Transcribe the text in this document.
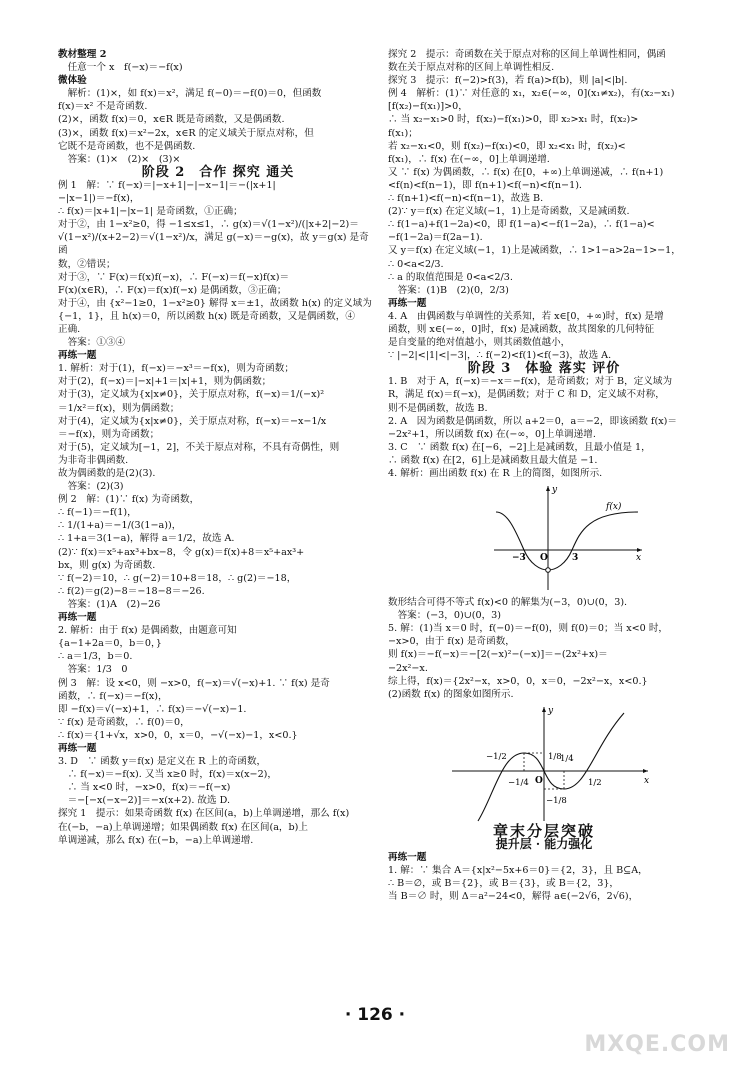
教材整理 2

　任意一个 x　f(−x)＝−f(x)

微体验

　解析：(1)×，如 f(x)＝x²，满足 f(−0)＝−f(0)＝0，但函数

f(x)＝x² 不是奇函数.

(2)×，函数 f(x)＝0，x∈R 既是奇函数，又是偶函数.

(3)×，函数 f(x)＝x²−2x，x∈R 的定义域关于原点对称，但

它既不是奇函数，也不是偶函数.

　答案：(1)×　(2)×　(3)×

阶段 2　合作 探究 通关

例 1　解：∵ f(−x)＝|−x+1|−|−x−1|＝−(|x+1|

−|x−1|)＝−f(x)，

∴ f(x)＝|x+1|−|x−1| 是奇函数，①正确；

对于②，由 1−x²≥0，得 −1≤x≤1，∴ g(x)＝√(1−x²)/(|x+2|−2)＝

√(1−x²)/(x+2−2)＝√(1−x²)/x，满足 g(−x)＝−g(x)，故 y＝g(x) 是奇函

数，②错误；

对于③，∵ F(x)＝f(x)f(−x)，∴ F(−x)＝f(−x)f(x)＝

F(x)(x∈R)，∴ F(x)＝f(x)f(−x) 是偶函数，③正确；

对于④，由 {x²−1≥0，1−x²≥0} 解得 x＝±1，故函数 h(x) 的定义域为

{−1，1}，且 h(x)＝0，所以函数 h(x) 既是奇函数，又是偶函数，④

正确.

　答案：①③④

再练一题

1. 解析：对于(1)，f(−x)＝−x³＝−f(x)，则为奇函数；

对于(2)，f(−x)＝|−x|+1＝|x|+1，则为偶函数；

对于(3)，定义域为{x|x≠0}，关于原点对称，f(−x)＝1/(−x)²

＝1/x²＝f(x)，则为偶函数；

对于(4)，定义域为{x|x≠0}，关于原点对称，f(−x)＝−x−1/x

＝−f(x)，则为奇函数；

对于(5)，定义域为[−1，2]，不关于原点对称，不具有奇偶性，则

为非奇非偶函数.

故为偶函数的是(2)(3).

　答案：(2)(3)

例 2　解：(1)∵ f(x) 为奇函数，

∴ f(−1)＝−f(1)，

∴ 1/(1+a)＝−1/(3(1−a))，

∴ 1+a＝3(1−a)，解得 a＝1/2，故选 A.

(2)∵ f(x)＝x⁵+ax³+bx−8，令 g(x)＝f(x)+8＝x⁵+ax³+

bx，则 g(x) 为奇函数.

∵ f(−2)＝10，∴ g(−2)＝10+8＝18，∴ g(2)＝−18，

∴ f(2)＝g(2)−8＝−18−8＝−26.

　答案：(1)A　(2)−26

再练一题

2. 解析：由于 f(x) 是偶函数，由题意可知

{a−1+2a＝0，b＝0，}

∴ a＝1/3，b＝0.

　答案：1/3　0

例 3　解：设 x<0，则 −x>0，f(−x)＝√(−x)+1. ∵ f(x) 是奇

函数，∴ f(−x)＝−f(x)，

即 −f(x)＝√(−x)+1，∴ f(x)＝−√(−x)−1.

∵ f(x) 是奇函数，∴ f(0)＝0，

∴ f(x)＝{1+√x，x>0，0，x＝0，−√(−x)−1，x<0.}

再练一题

3. D　∵ 函数 y＝f(x) 是定义在 R 上的奇函数，

　∴ f(−x)＝−f(x). 又当 x≥0 时，f(x)＝x(x−2)，

　∴ 当 x<0 时，−x>0，f(x)＝−f(−x)

　＝−[−x(−x−2)]＝−x(x+2). 故选 D.

探究 1　提示：如果奇函数 f(x) 在区间(a，b)上单调递增，那么 f(x)

在(−b，−a)上单调递增；如果偶函数 f(x) 在区间(a，b)上

单调递减，那么 f(x) 在(−b，−a)上单调递增.

探究 2　提示：奇函数在关于原点对称的区间上单调性相同，偶函

数在关于原点对称的区间上单调性相反.

探究 3　提示：f(−2)>f(3)，若 f(a)>f(b)，则 |a|<|b|.

例 4　解析：(1)∵ 对任意的 x₁，x₂∈(−∞，0](x₁≠x₂)，有(x₂−x₁)

[f(x₂)−f(x₁)]>0，

∴ 当 x₂−x₁>0 时，f(x₂)−f(x₁)>0，即 x₂>x₁ 时，f(x₂)>

f(x₁)；

若 x₂−x₁<0，则 f(x₂)−f(x₁)<0，即 x₂<x₁ 时，f(x₂)<

f(x₁)，∴ f(x) 在(−∞，0]上单调递增.

又 ∵ f(x) 为偶函数，∴ f(x) 在[0，+∞)上单调递减，∴ f(n+1)

<f(n)<f(n−1)，即 f(n+1)<f(−n)<f(n−1).

∴ f(n+1)<f(−n)<f(n−1)，故选 B.

(2)∵ y＝f(x) 在定义域(−1，1)上是奇函数，又是减函数.

∴ f(1−a)+f(1−2a)<0，即 f(1−a)<−f(1−2a)，∴ f(1−a)<

−f(1−2a)＝f(2a−1).

又 y＝f(x) 在定义域(−1，1)上是减函数，∴ 1>1−a>2a−1>−1，

∴ 0<a<2/3.

∴ a 的取值范围是 0<a<2/3.

　答案：(1)B　(2)(0，2/3)

再练一题

4. A　由偶函数与单调性的关系知，若 x∈[0，+∞)时，f(x) 是增

函数，则 x∈(−∞，0]时，f(x) 是减函数，故其图象的几何特征

是自变量的绝对值越小，则其函数值越小，

∵ |−2|<|1|<|−3|，∴ f(−2)<f(1)<f(−3)，故选 A.

阶段 3　体验 落实 评价

1. B　对于 A，f(−x)＝−x＝−f(x)，是奇函数；对于 B，定义域为

R，满足 f(x)＝f(−x)，是偶函数；对于 C 和 D，定义域不对称，

则不是偶函数，故选 B.

2. A　因为函数是偶函数，所以 a+2＝0，a＝−2，即该函数 f(x)＝

−2x²+1，所以函数 f(x) 在(−∞，0]上单调递增.

3. C　∵ 函数 f(x) 在[−6，−2]上是减函数，且最小值是 1，

∴ 函数 f(x) 在[2，6]上是减函数且最大值是 −1.

4. 解析：画出函数 f(x) 在 R 上的简图，如图所示.

y
f(x)
x
O
−3	3

数形结合可得不等式 f(x)<0 的解集为(−3，0)∪(0，3).

　答案：(−3，0)∪(0，3)

5. 解：(1)当 x＝0 时，f(−0)＝−f(0)，则 f(0)＝0；当 x<0 时，

−x>0，由于 f(x) 是奇函数，

则 f(x)＝−f(−x)＝−[2(−x)²−(−x)]＝−(2x²+x)＝

−2x²−x.

综上得，f(x)＝{2x²−x，x>0，0，x＝0，−2x²−x，x<0.}

(2)函数 f(x) 的图象如图所示.

y
x
O
−1/2	1/8
1/2
−1/4
1/4
−1/8

章末分层突破

提升层 · 能力强化

再练一题

1. 解：∵ 集合 A＝{x|x²−5x+6＝0}＝{2，3}，且 B⊆A，

∴ B＝∅，或 B＝{2}，或 B＝{3}，或 B＝{2，3}，

当 B＝∅ 时，则 Δ＝a²−24<0，解得 a∈(−2√6，2√6)，

· 126 ·
MXQE.COM
